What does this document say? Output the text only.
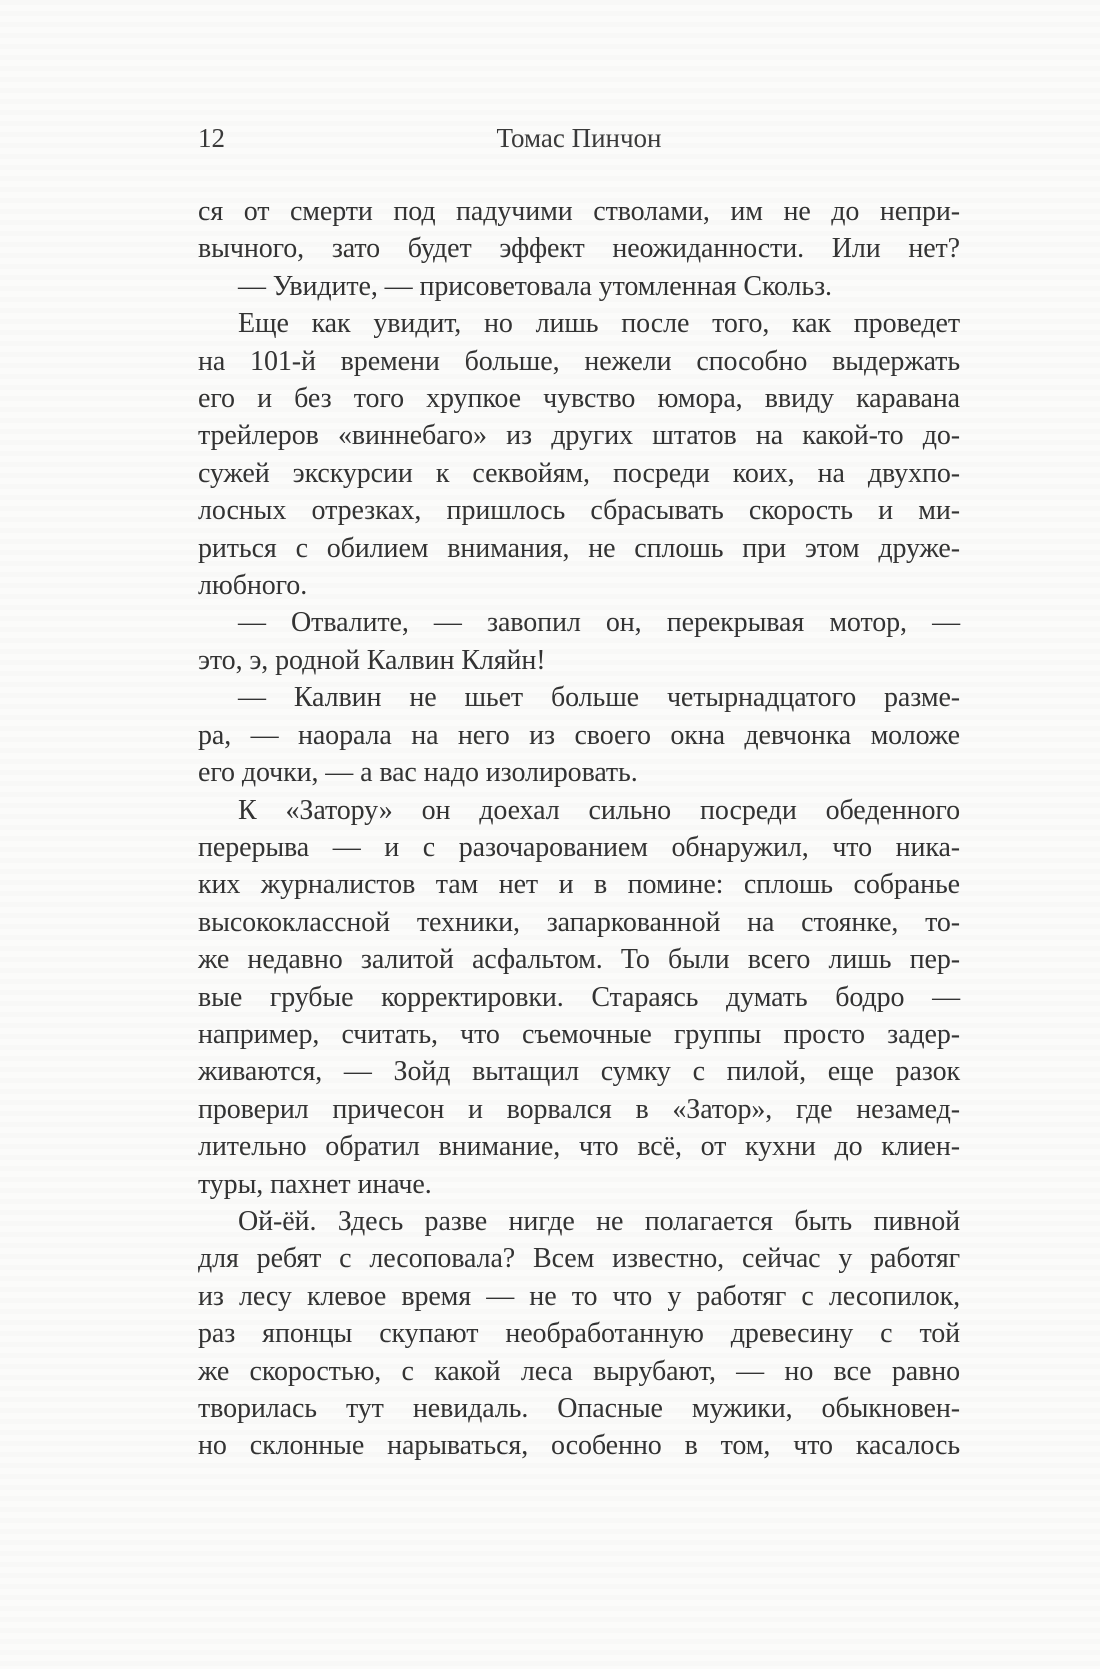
12	Томас Пинчон
ся от смерти под падучими стволами, им не до непри-
вычного, зато будет эффект неожиданности. Или нет?
— Увидите, — присоветовала утомленная Скольз.
Еще как увидит, но лишь после того, как проведет
на 101-й времени больше, нежели способно выдержать
его и без того хрупкое чувство юмора, ввиду каравана
трейлеров «виннебаго» из других штатов на какой-то до-
сужей экскурсии к секвойям, посреди коих, на двухпо-
лосных отрезках, пришлось сбрасывать скорость и ми-
риться с обилием внимания, не сплошь при этом друже-
любного.
— Отвалите, — завопил он, перекрывая мотор, —
это, э, родной Калвин Кляйн!
— Калвин не шьет больше четырнадцатого разме-
ра, — наорала на него из своего окна девчонка моложе
его дочки, — а вас надо изолировать.
К «Затору» он доехал сильно посреди обеденного
перерыва — и с разочарованием обнаружил, что ника-
ких журналистов там нет и в помине: сплошь собранье
высококлассной техники, запаркованной на стоянке, то-
же недавно залитой асфальтом. То были всего лишь пер-
вые грубые корректировки. Стараясь думать бодро —
например, считать, что съемочные группы просто задер-
живаются, — Зойд вытащил сумку с пилой, еще разок
проверил причесон и ворвался в «Затор», где незамед-
лительно обратил внимание, что всё, от кухни до клиен-
туры, пахнет иначе.
Ой-ёй. Здесь разве нигде не полагается быть пивной
для ребят с лесоповала? Всем известно, сейчас у работяг
из лесу клевое время — не то что у работяг с лесопилок,
раз японцы скупают необработанную древесину с той
же скоростью, с какой леса вырубают, — но все равно
творилась тут невидаль. Опасные мужики, обыкновен-
но склонные нарываться, особенно в том, что касалось
